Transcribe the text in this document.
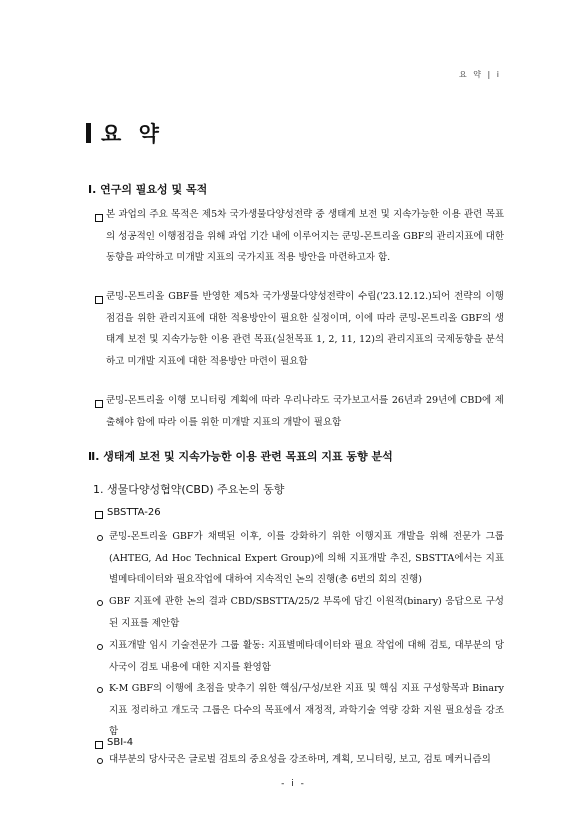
요 약 | i
요 약
Ⅰ. 연구의 필요성 및 목적
본 과업의 주요 목적은 제5차 국가생물다양성전략 중 생태계 보전 및 지속가능한 이용 관련 목표의 성공적인 이행점검을 위해 과업 기간 내에 이루어지는 쿤밍-몬트리올 GBF의 관리지표에 대한 동향을 파악하고 미개발 지표의 국가지표 적용 방안을 마련하고자 함.
쿤밍-몬트리올 GBF를 반영한 제5차 국가생물다양성전략이 수립('23.12.12.)되어 전략의 이행점검을 위한 관리지표에 대한 적용방안이 필요한 실정이며, 이에 따라 쿤밍-몬트리올 GBF의 생태계 보전 및 지속가능한 이용 관련 목표(실천목표 1, 2, 11, 12)의 관리지표의 국제동향을 분석하고 미개발 지표에 대한 적용방안 마련이 필요함
쿤밍-몬트리올 이행 모니터링 계획에 따라 우리나라도 국가보고서를 26년과 29년에 CBD에 제출해야 함에 따라 이를 위한 미개발 지표의 개발이 필요함
Ⅱ. 생태계 보전 및 지속가능한 이용 관련 목표의 지표 동향 분석
1. 생물다양성협약(CBD) 주요논의 동향
SBSTTA-26
쿤밍-몬트리올 GBF가 채택된 이후, 이를 강화하기 위한 이행지표 개발을 위해 전문가 그룹(AHTEG, Ad Hoc Technical Expert Group)에 의해 지표개발 추진, SBSTTA에서는 지표별메타데이터와 필요작업에 대하여 지속적인 논의 진행(총 6번의 회의 진행)
GBF 지표에 관한 논의 결과 CBD/SBSTTA/25/2 부록에 담긴 이원적(binary) 응답으로 구성된 지표를 제안함
지표개발 임시 기술전문가 그룹 활동: 지표별메타데이터와 필요 작업에 대해 검토, 대부분의 당사국이 검토 내용에 대한 지지를 환영함
K-M GBF의 이행에 초점을 맞추기 위한 핵심/구성/보완 지표 및 핵심 지표 구성항목과 Binary 지표 정리하고 개도국 그룹은 다수의 목표에서 재정적, 과학기술 역량 강화 지원 필요성을 강조함
SBI-4
대부분의 당사국은 글로벌 검토의 중요성을 강조하며, 계획, 모니터링, 보고, 검토 메커니즘의
- i -
